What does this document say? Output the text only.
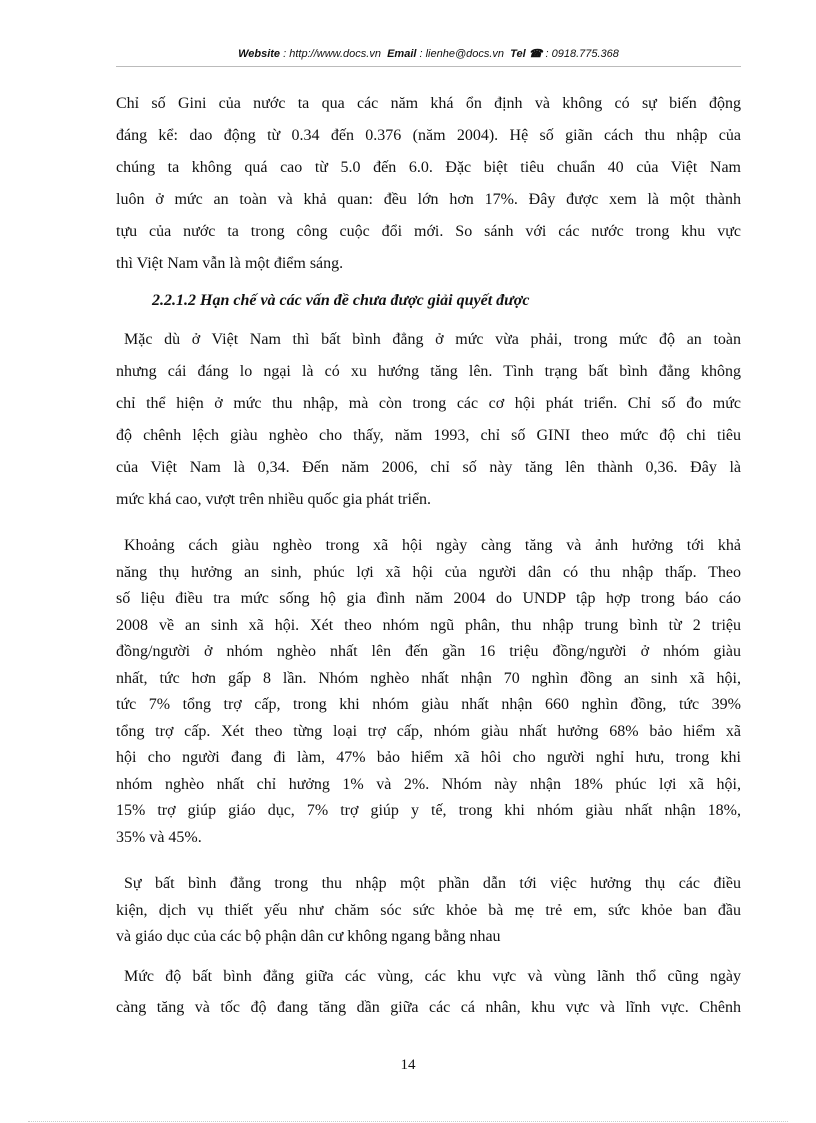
Website : http://www.docs.vn Email : lienhe@docs.vn Tel ☎ : 0918.775.368
Chỉ số Gini của nước ta qua các năm khá ổn định và không có sự biến động
đáng kể: dao động từ 0.34 đến 0.376 (năm 2004). Hệ số giãn cách thu nhập của
chúng ta không quá cao từ 5.0 đến 6.0. Đặc biệt tiêu chuẩn 40 của Việt Nam
luôn ở mức an toàn và khả quan: đều lớn hơn 17%. Đây được xem là một thành
tựu của nước ta trong công cuộc đổi mới. So sánh với các nước trong khu vực
thì Việt Nam vẫn là một điểm sáng.
2.2.1.2 Hạn chế và các vấn đề chưa được giải quyết được
Mặc dù ở Việt Nam thì bất bình đẳng ở mức vừa phải, trong mức độ an toàn
nhưng cái đáng lo ngại là có xu hướng tăng lên. Tình trạng bất bình đẳng không
chỉ thể hiện ở mức thu nhập, mà còn trong các cơ hội phát triển. Chỉ số đo mức
độ chênh lệch giàu nghèo cho thấy, năm 1993, chỉ số GINI theo mức độ chi tiêu
của Việt Nam là 0,34. Đến năm 2006, chỉ số này tăng lên thành 0,36. Đây là
mức khá cao, vượt trên nhiều quốc gia phát triển.
Khoảng cách giàu nghèo trong xã hội ngày càng tăng và ảnh hưởng tới khả
năng thụ hưởng an sinh, phúc lợi xã hội của người dân có thu nhập thấp. Theo
số liệu điều tra mức sống hộ gia đình năm 2004 do UNDP tập hợp trong báo cáo
2008 về an sinh xã hội. Xét theo nhóm ngũ phân, thu nhập trung bình từ 2 triệu
đồng/người ở nhóm nghèo nhất lên đến gần 16 triệu đồng/người ở nhóm giàu
nhất, tức hơn gấp 8 lần. Nhóm nghèo nhất nhận 70 nghìn đồng an sinh xã hội,
tức 7% tổng trợ cấp, trong khi nhóm giàu nhất nhận 660 nghìn đồng, tức 39%
tổng trợ cấp. Xét theo từng loại trợ cấp, nhóm giàu nhất hưởng 68% bảo hiểm xã
hội cho người đang đi làm, 47% bảo hiểm xã hôi cho người nghỉ hưu, trong khi
nhóm nghèo nhất chỉ hưởng 1% và 2%. Nhóm này nhận 18% phúc lợi xã hội,
15% trợ giúp giáo dục, 7% trợ giúp y tế, trong khi nhóm giàu nhất nhận 18%,
35% và 45%.
Sự bất bình đẳng trong thu nhập một phần dẫn tới việc hưởng thụ các điều
kiện, dịch vụ thiết yếu như chăm sóc sức khỏe bà mẹ trẻ em, sức khỏe ban đầu
và giáo dục của các bộ phận dân cư không ngang bằng nhau
Mức độ bất bình đẳng giữa các vùng, các khu vực và vùng lãnh thổ cũng ngày
càng tăng và tốc độ đang tăng dần giữa các cá nhân, khu vực và lĩnh vực. Chênh
14
